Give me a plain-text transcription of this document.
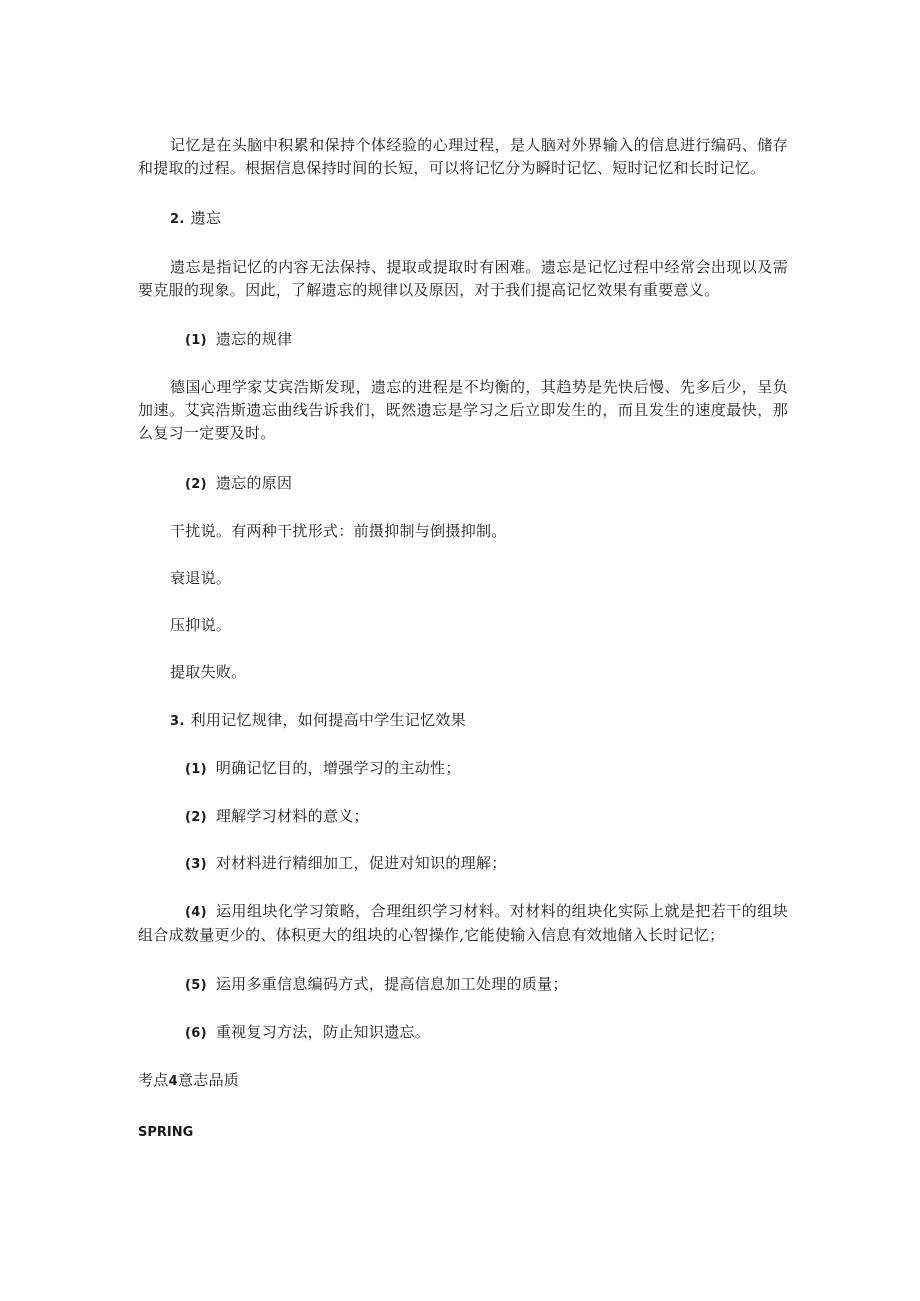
记忆是在头脑中积累和保持个体经验的心理过程，是人脑对外界输入的信息进行编码、储存和提取的过程。根据信息保持时间的长短，可以将记忆分为瞬时记忆、短时记忆和长时记忆。

2. 遗忘

遗忘是指记忆的内容无法保持、提取或提取时有困难。遗忘是记忆过程中经常会出现以及需要克服的现象。因此，了解遗忘的规律以及原因，对于我们提高记忆效果有重要意义。

(1) 遗忘的规律

德国心理学家艾宾浩斯发现，遗忘的进程是不均衡的，其趋势是先快后慢、先多后少，呈负加速。艾宾浩斯遗忘曲线告诉我们，既然遗忘是学习之后立即发生的，而且发生的速度最快，那么复习一定要及时。

(2) 遗忘的原因
干扰说。有两种干扰形式：前摄抑制与倒摄抑制。
衰退说。
压抑说。
提取失败。
3. 利用记忆规律，如何提高中学生记忆效果
(1) 明确记忆目的，增强学习的主动性；
(2) 理解学习材料的意义；
(3) 对材料进行精细加工，促进对知识的理解；

(4) 运用组块化学习策略，合理组织学习材料。对材料的组块化实际上就是把若干的组块组合成数量更少的、体积更大的组块的心智操作,它能使输入信息有效地储入长时记忆；

(5) 运用多重信息编码方式，提高信息加工处理的质量；
(6) 重视复习方法，防止知识遗忘。
考点4意志品质
SPRING
